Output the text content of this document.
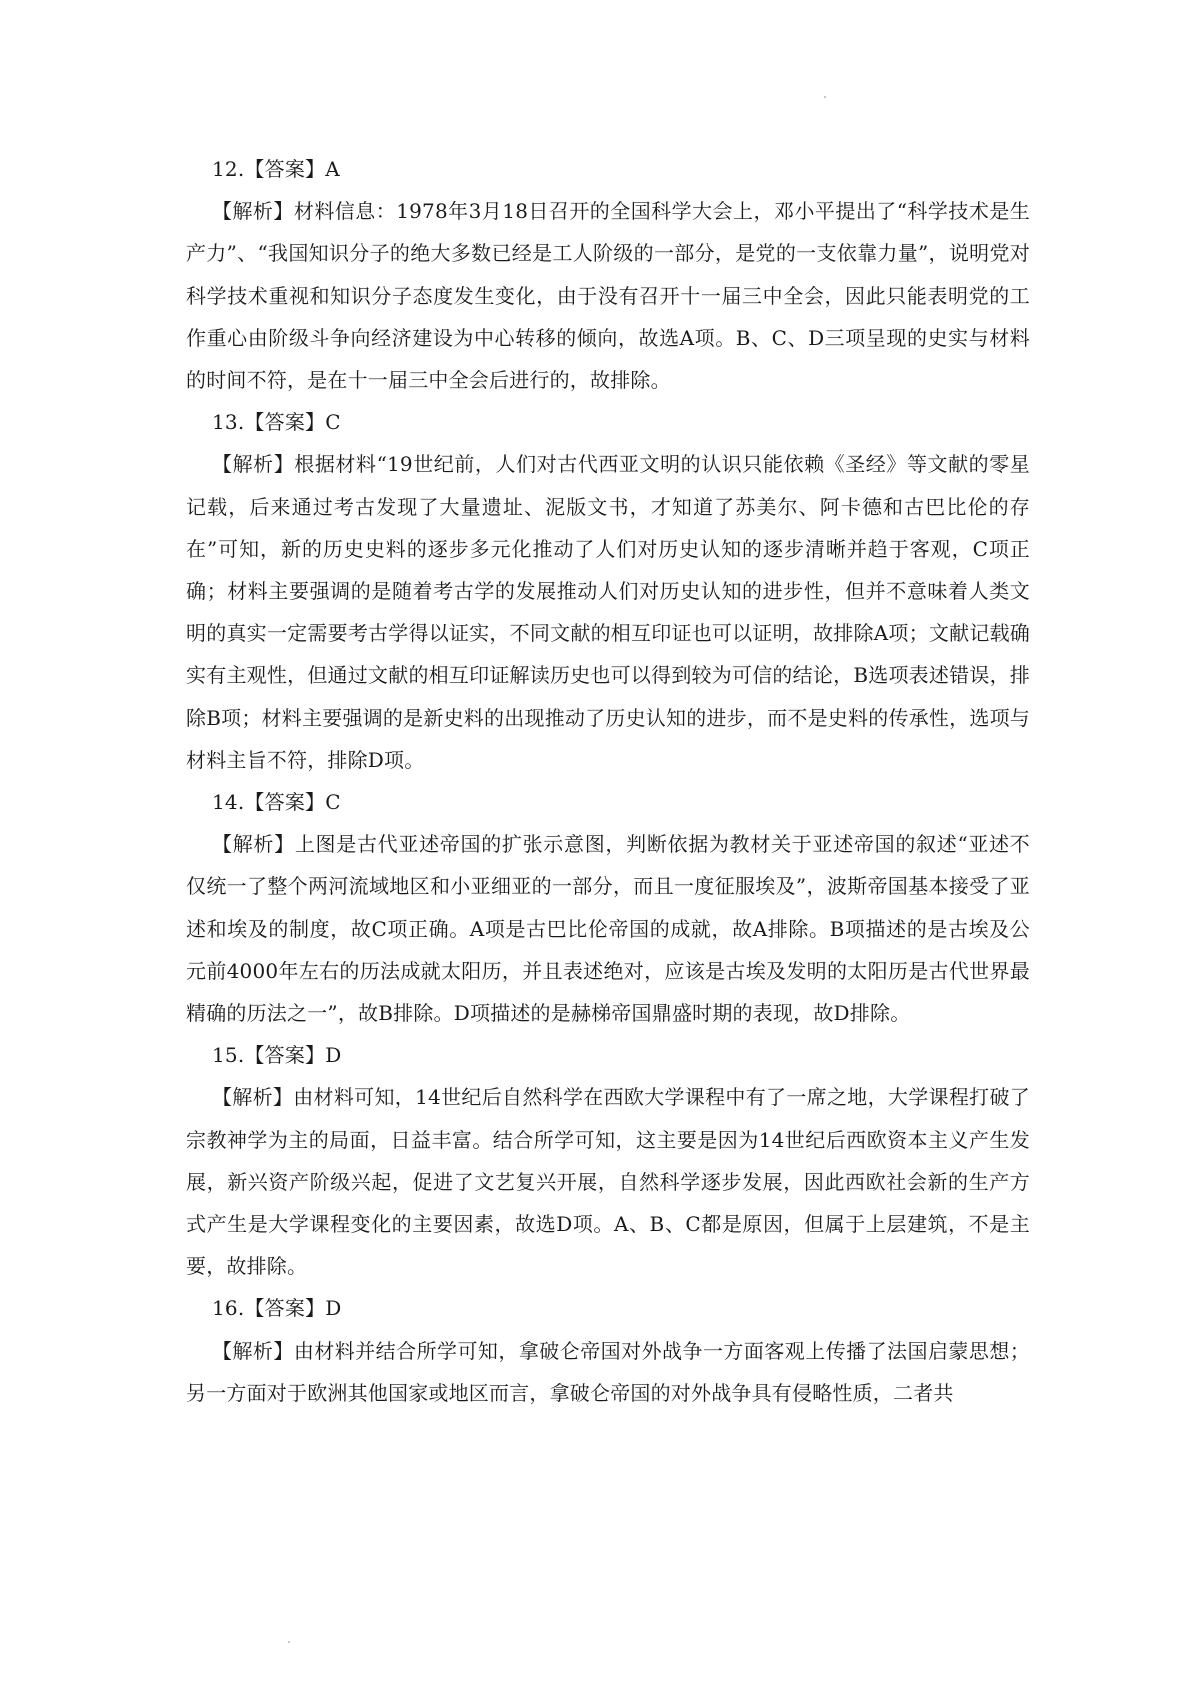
12.【答案】A

【解析】材料信息：1978年3月18日召开的全国科学大会上，邓小平提出了“科学技术是生产力”、“我国知识分子的绝大多数已经是工人阶级的一部分，是党的一支依靠力量”，说明党对科学技术重视和知识分子态度发生变化，由于没有召开十一届三中全会，因此只能表明党的工作重心由阶级斗争向经济建设为中心转移的倾向，故选A项。B、C、D三项呈现的史实与材料的时间不符，是在十一届三中全会后进行的，故排除。

13.【答案】C

【解析】根据材料“19世纪前，人们对古代西亚文明的认识只能依赖《圣经》等文献的零星记载，后来通过考古发现了大量遗址、泥版文书，才知道了苏美尔、阿卡德和古巴比伦的存在”可知，新的历史史料的逐步多元化推动了人们对历史认知的逐步清晰并趋于客观，C项正确；材料主要强调的是随着考古学的发展推动人们对历史认知的进步性，但并不意味着人类文明的真实一定需要考古学得以证实，不同文献的相互印证也可以证明，故排除A项；文献记载确实有主观性，但通过文献的相互印证解读历史也可以得到较为可信的结论，B选项表述错误，排除B项；材料主要强调的是新史料的出现推动了历史认知的进步，而不是史料的传承性，选项与材料主旨不符，排除D项。

14.【答案】C

【解析】上图是古代亚述帝国的扩张示意图，判断依据为教材关于亚述帝国的叙述“亚述不仅统一了整个两河流域地区和小亚细亚的一部分，而且一度征服埃及”，波斯帝国基本接受了亚述和埃及的制度，故C项正确。A项是古巴比伦帝国的成就，故A排除。B项描述的是古埃及公元前4000年左右的历法成就太阳历，并且表述绝对，应该是古埃及发明的太阳历是古代世界最精确的历法之一”，故B排除。D项描述的是赫梯帝国鼎盛时期的表现，故D排除。

15.【答案】D

【解析】由材料可知，14世纪后自然科学在西欧大学课程中有了一席之地，大学课程打破了宗教神学为主的局面，日益丰富。结合所学可知，这主要是因为14世纪后西欧资本主义产生发展，新兴资产阶级兴起，促进了文艺复兴开展，自然科学逐步发展，因此西欧社会新的生产方式产生是大学课程变化的主要因素，故选D项。A、B、C都是原因，但属于上层建筑，不是主要，故排除。

16.【答案】D

【解析】由材料并结合所学可知，拿破仑帝国对外战争一方面客观上传播了法国启蒙思想；另一方面对于欧洲其他国家或地区而言，拿破仑帝国的对外战争具有侵略性质，二者共
